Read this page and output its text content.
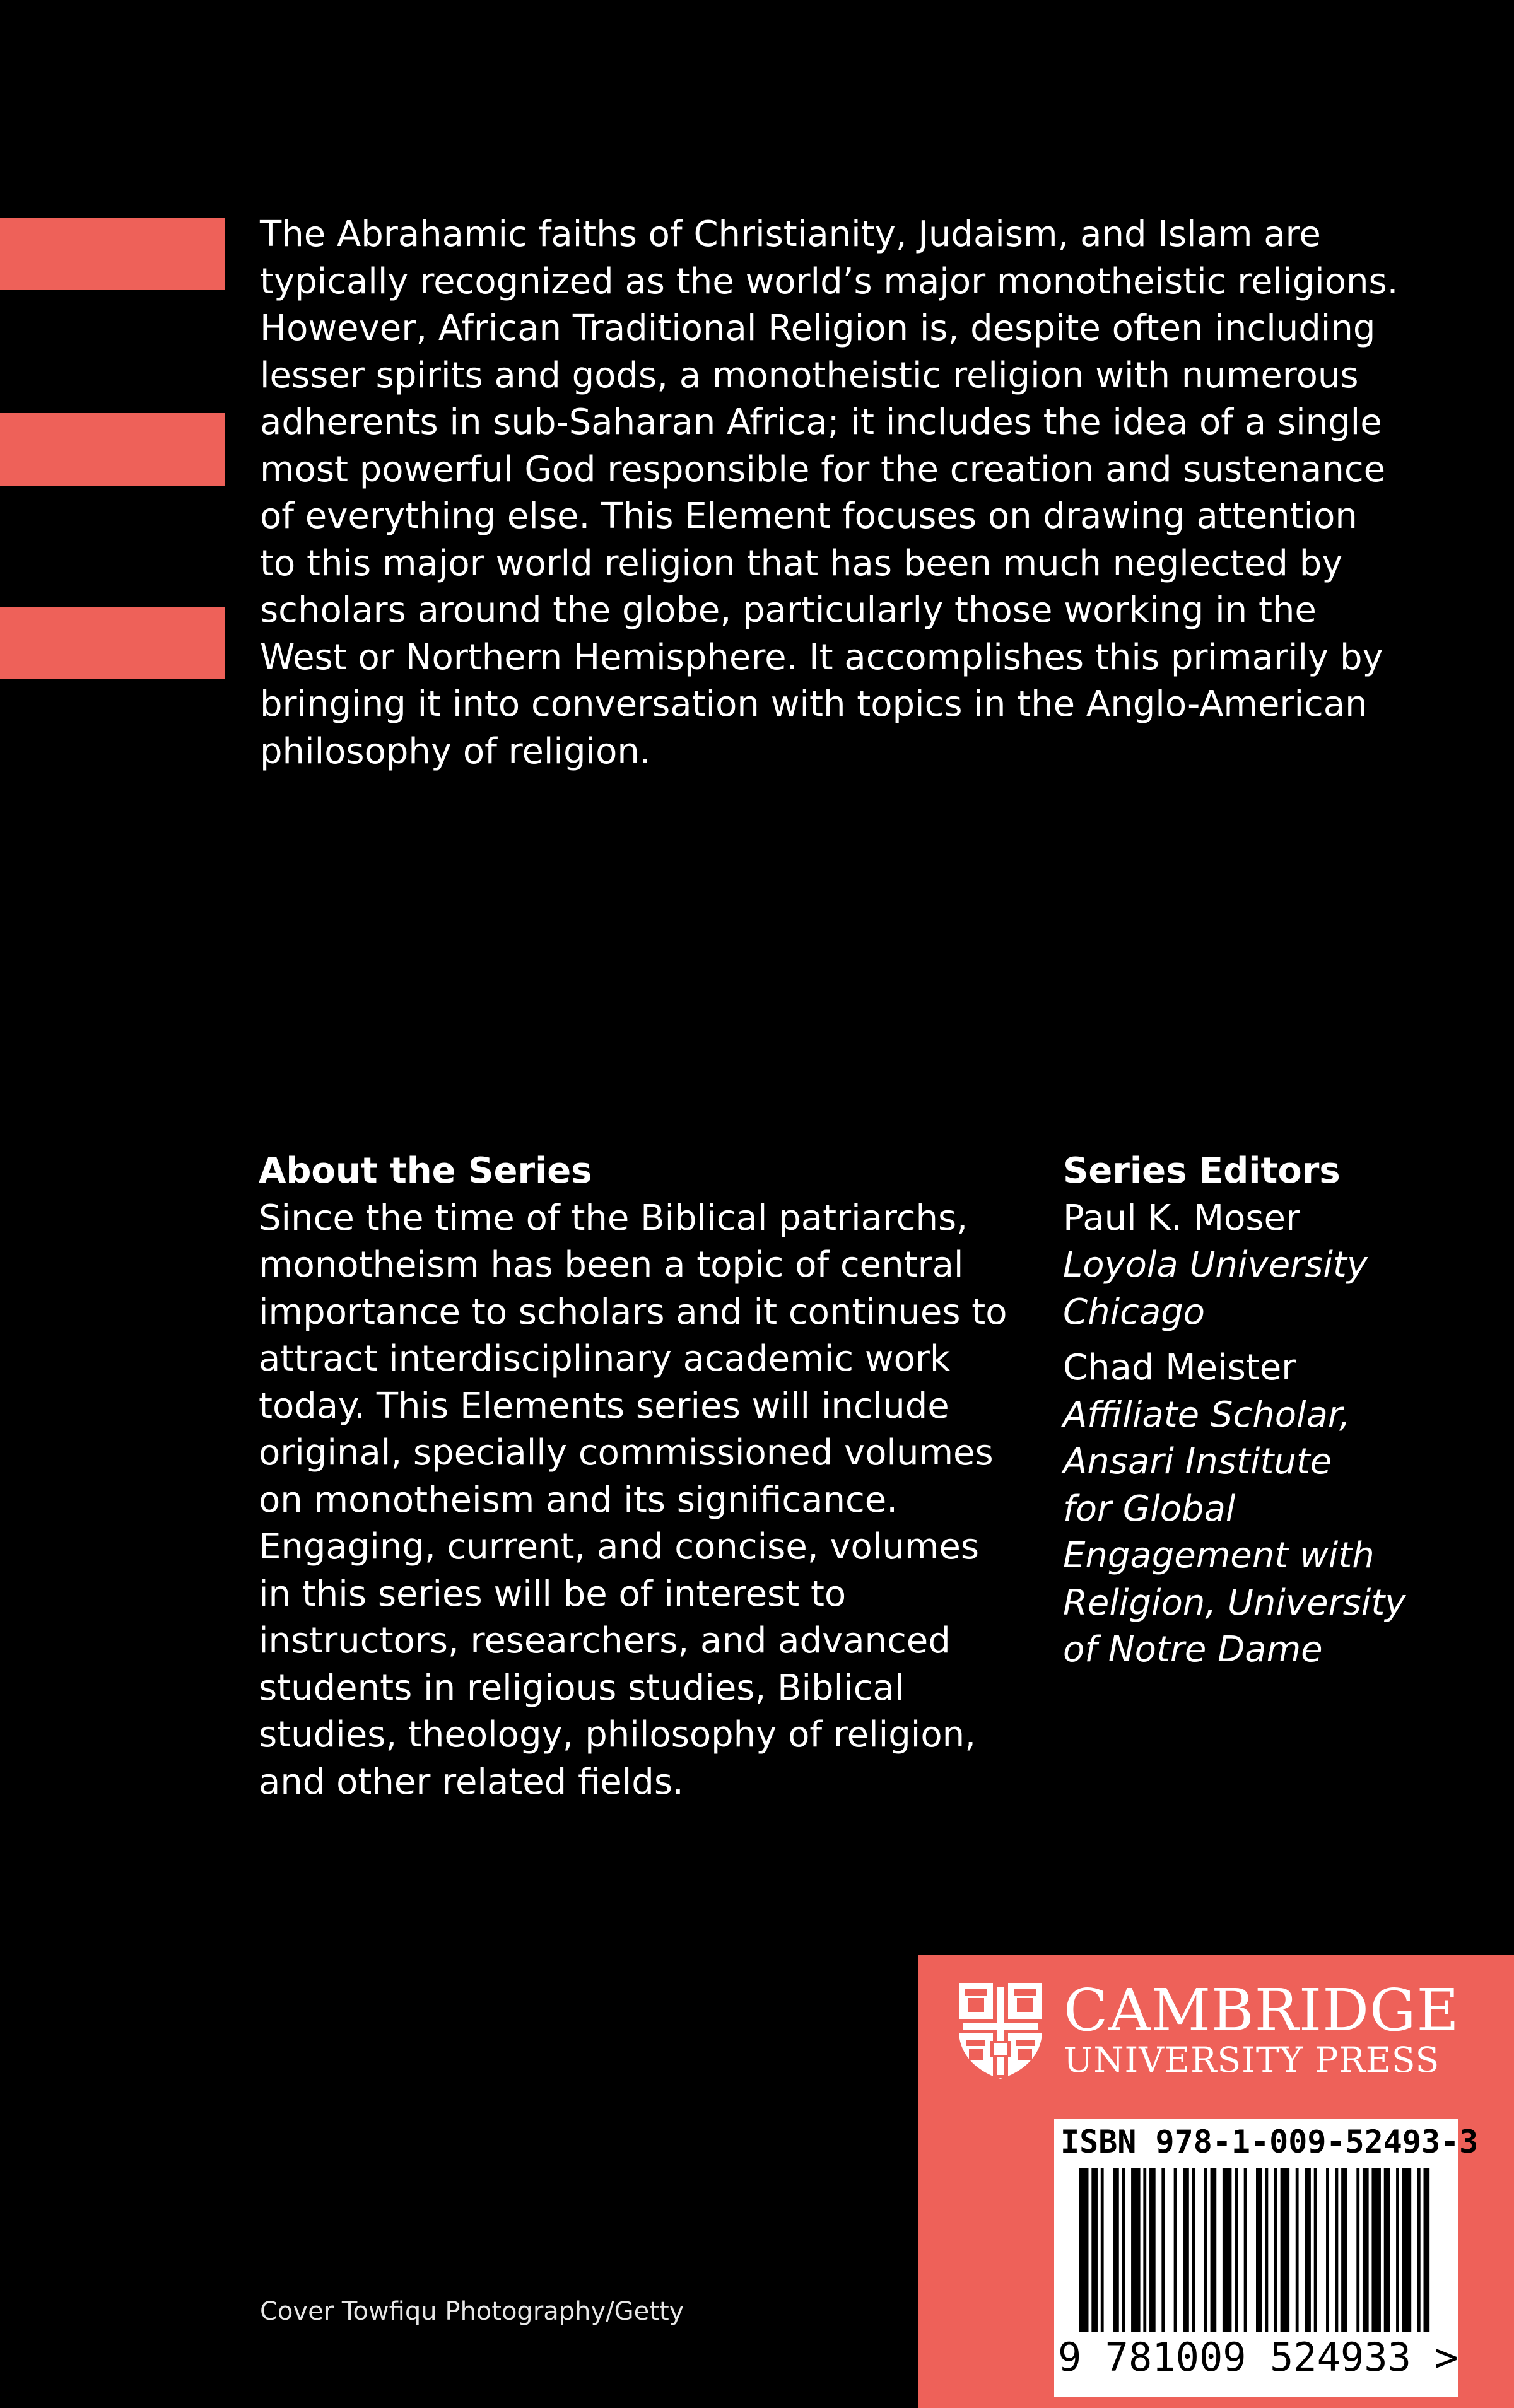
The Abrahamic faiths of Christianity, Judaism, and Islam are
typically recognized as the world’s major monotheistic religions.
However, African Traditional Religion is, despite often including
lesser spirits and gods, a monotheistic religion with numerous
adherents in sub-Saharan Africa; it includes the idea of a single
most powerful God responsible for the creation and sustenance
of everything else. This Element focuses on drawing attention
to this major world religion that has been much neglected by
scholars around the globe, particularly those working in the
West or Northern Hemisphere. It accomplishes this primarily by
bringing it into conversation with topics in the Anglo-American
philosophy of religion.
About the Series
Since the time of the Biblical patriarchs,
monotheism has been a topic of central
importance to scholars and it continues to
attract interdisciplinary academic work
today. This Elements series will include
original, specially commissioned volumes
on monotheism and its significance.
Engaging, current, and concise, volumes
in this series will be of interest to
instructors, researchers, and advanced
students in religious studies, Biblical
studies, theology, philosophy of religion,
and other related fields.
Series Editors
Paul K. Moser
Loyola University
Chicago
Chad Meister
Affiliate Scholar,
Ansari Institute
for Global
Engagement with
Religion, University
of Notre Dame
CAMBRIDGE
UNIVERSITY PRESS
ISBN 978-1-009-52493-3
9 781009 524933 >
Cover Towfiqu Photography/Getty
